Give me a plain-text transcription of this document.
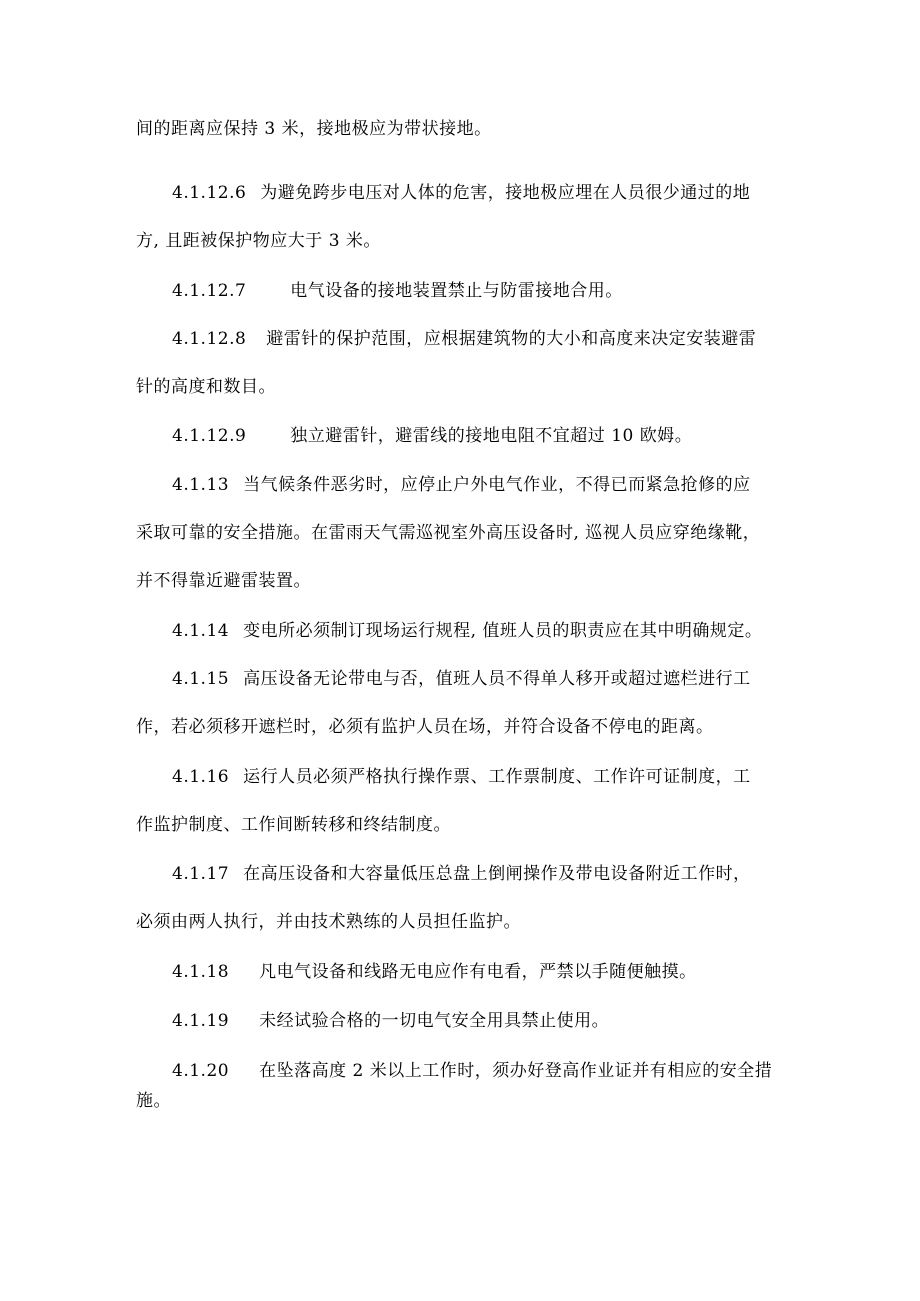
间的距离应保持 3 米，接地极应为带状接地。
4.1.12.6 为避免跨步电压对人体的危害，接地极应埋在人员很少通过的地
方, 且距被保护物应大于 3 米。
4.1.12.7	电气设备的接地装置禁止与防雷接地合用。
4.1.12.8 避雷针的保护范围，应根据建筑物的大小和高度来决定安装避雷
针的高度和数目。
4.1.12.9	独立避雷针，避雷线的接地电阻不宜超过 10 欧姆。
4.1.13 当气候条件恶劣时，应停止户外电气作业，不得已而紧急抢修的应
采取可靠的安全措施。在雷雨天气需巡视室外高压设备时, 巡视人员应穿绝缘靴，
并不得靠近避雷装置。
4.1.14 变电所必须制订现场运行规程, 值班人员的职责应在其中明确规定。
4.1.15 高压设备无论带电与否，值班人员不得单人移开或超过遮栏进行工
作，若必须移开遮栏时，必须有监护人员在场，并符合设备不停电的距离。
4.1.16 运行人员必须严格执行操作票、工作票制度、工作许可证制度，工
作监护制度、工作间断转移和终结制度。
4.1.17 在高压设备和大容量低压总盘上倒闸操作及带电设备附近工作时，
必须由两人执行，并由技术熟练的人员担任监护。
4.1.18 凡电气设备和线路无电应作有电看，严禁以手随便触摸。
4.1.19 未经试验合格的一切电气安全用具禁止使用。
4.1.20 在坠落高度 2 米以上工作时，须办好登高作业证并有相应的安全措
施。
